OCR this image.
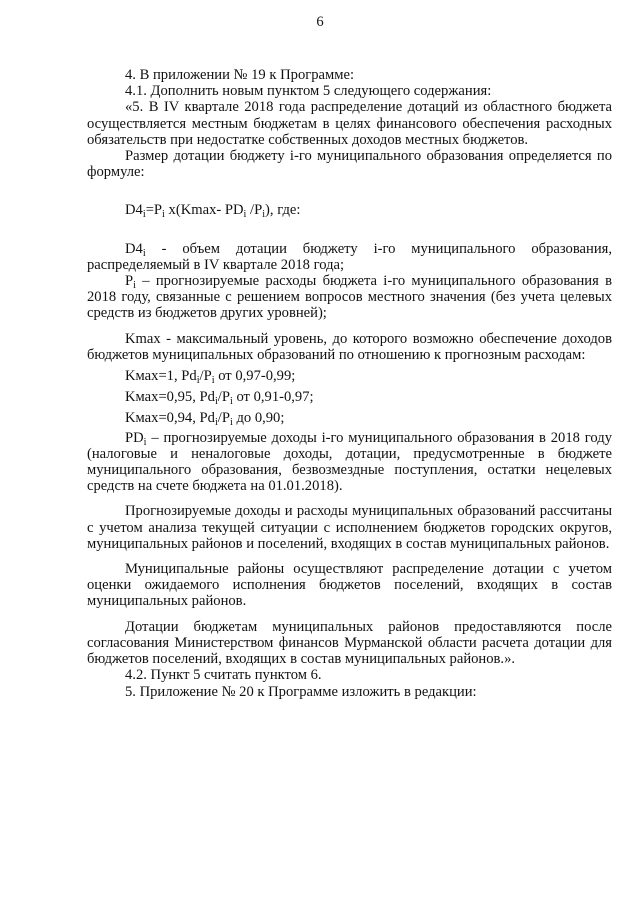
6

4. В приложении № 19 к Программе:

4.1. Дополнить новым пунктом 5 следующего содержания:

«5. В IV квартале 2018 года распределение дотаций из областного бюджета осуществляется местным бюджетам в целях финансового обеспечения расходных обязательств при недостатке собственных доходов местных бюджетов.

Размер дотации бюджету i-го муниципального образования определяется по формуле:

$D4_i=P_i$ x(Kmax- $PD_i$ $/P_i$), где:

$D4_i$ - объем дотации бюджету i-го муниципального образования, распределяемый в IV квартале 2018 года;

$P_i$ – прогнозируемые расходы бюджета i-го муниципального образования в 2018 году, связанные с решением вопросов местного значения (без учета целевых средств из бюджетов других уровней);

Kmax - максимальный уровень, до которого возможно обеспечение доходов бюджетов муниципальных образований по отношению к прогнозным расходам:

Kмах=1, $Pd_i/P_i$ от 0,97-0,99;

Kмах=0,95, $Pd_i/P_i$ от 0,91-0,97;

Kмах=0,94, $Pd_i/P_i$ до 0,90;

$PD_i$ – прогнозируемые доходы i-го муниципального образования в 2018 году (налоговые и неналоговые доходы, дотации, предусмотренные в бюджете муниципального образования, безвозмездные поступления, остатки нецелевых средств на счете бюджета на 01.01.2018).

Прогнозируемые доходы и расходы муниципальных образований рассчитаны с учетом анализа текущей ситуации с исполнением бюджетов городских округов, муниципальных районов и поселений, входящих в состав муниципальных районов.

Муниципальные районы осуществляют распределение дотации с учетом оценки ожидаемого исполнения бюджетов поселений, входящих в состав муниципальных районов.

Дотации бюджетам муниципальных районов предоставляются после согласования Министерством финансов Мурманской области расчета дотации для бюджетов поселений, входящих в состав муниципальных районов.».

4.2. Пункт 5 считать пунктом 6.

5. Приложение № 20 к Программе изложить в редакции:
